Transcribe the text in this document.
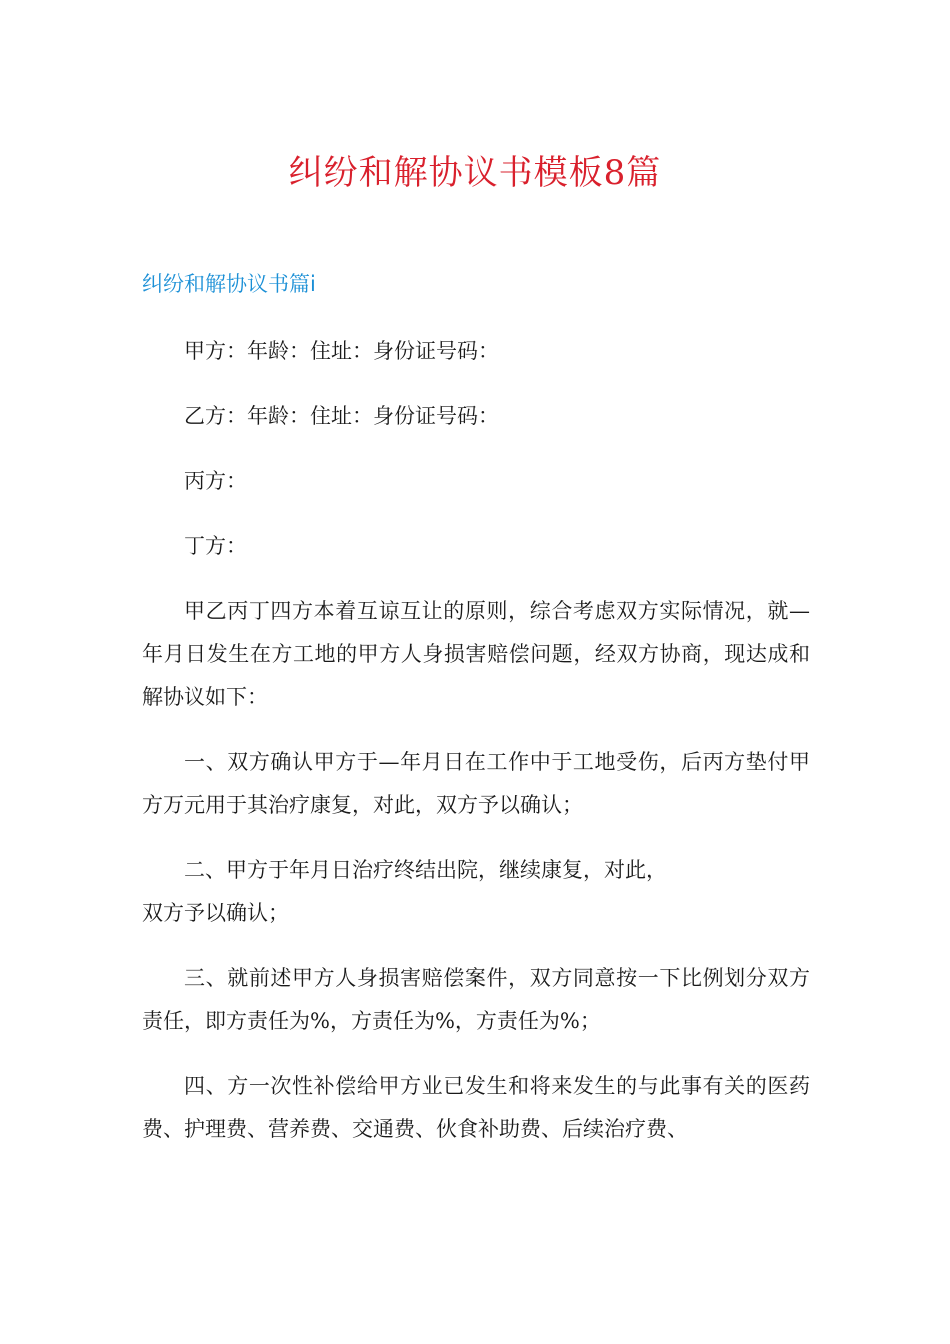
纠纷和解协议书模板8篇
纠纷和解协议书篇i

甲方：年龄：住址：身份证号码：

乙方：年龄：住址：身份证号码：

丙方：

丁方：

甲乙丙丁四方本着互谅互让的原则，综合考虑双方实际情况，就—年月日发生在方工地的甲方人身损害赔偿问题，经双方协商，现达成和解协议如下：

一、双方确认甲方于—年月日在工作中于工地受伤，后丙方垫付甲方万元用于其治疗康复，对此，双方予以确认；

二、甲方于年月日治疗终结出院，继续康复，对此，

双方予以确认；

三、就前述甲方人身损害赔偿案件，双方同意按一下比例划分双方责任，即方责任为%，方责任为%，方责任为%；

四、方一次性补偿给甲方业已发生和将来发生的与此事有关的医药费、护理费、营养费、交通费、伙食补助费、后续治疗费、
